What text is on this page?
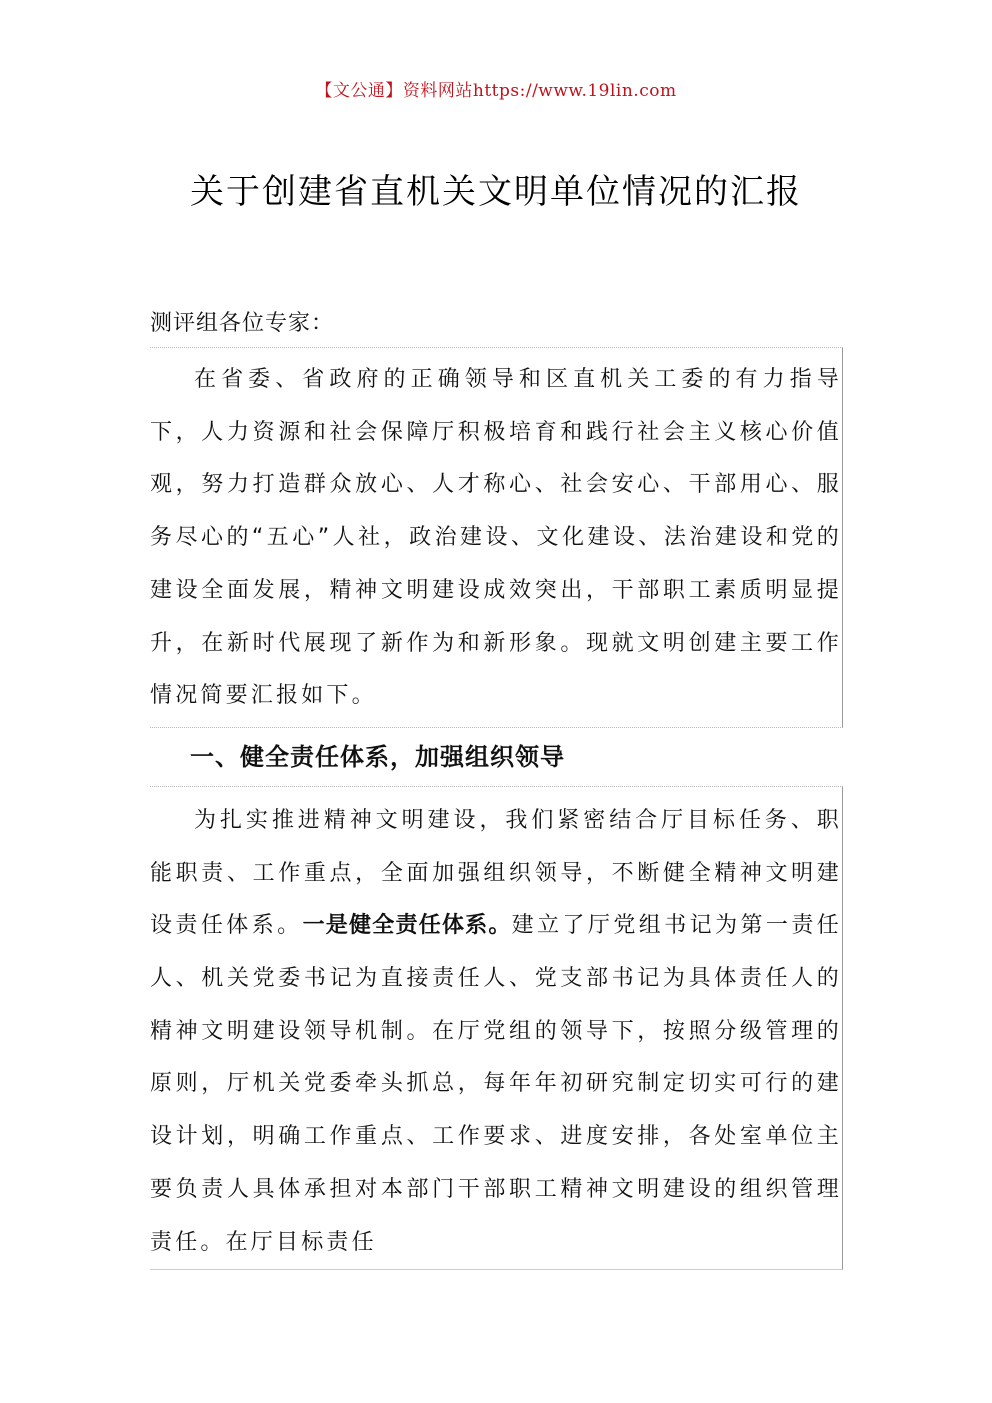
【文公通】资料网站https://www.19lin.com
关于创建省直机关文明单位情况的汇报
测评组各位专家：

在省委、省政府的正确领导和区直机关工委的有力指导下，人力资源和社会保障厅积极培育和践行社会主义核心价值观，努力打造群众放心、人才称心、社会安心、干部用心、服务尽心的“五心”人社，政治建设、文化建设、法治建设和党的建设全面发展，精神文明建设成效突出，干部职工素质明显提升，在新时代展现了新作为和新形象。现就文明创建主要工作情况简要汇报如下。

一、健全责任体系，加强组织领导

为扎实推进精神文明建设，我们紧密结合厅目标任务、职能职责、工作重点，全面加强组织领导，不断健全精神文明建设责任体系。一是健全责任体系。建立了厅党组书记为第一责任人、机关党委书记为直接责任人、党支部书记为具体责任人的精神文明建设领导机制。在厅党组的领导下，按照分级管理的原则，厅机关党委牵头抓总，每年年初研究制定切实可行的建设计划，明确工作重点、工作要求、进度安排，各处室单位主要负责人具体承担对本部门干部职工精神文明建设的组织管理责任。在厅目标责任
